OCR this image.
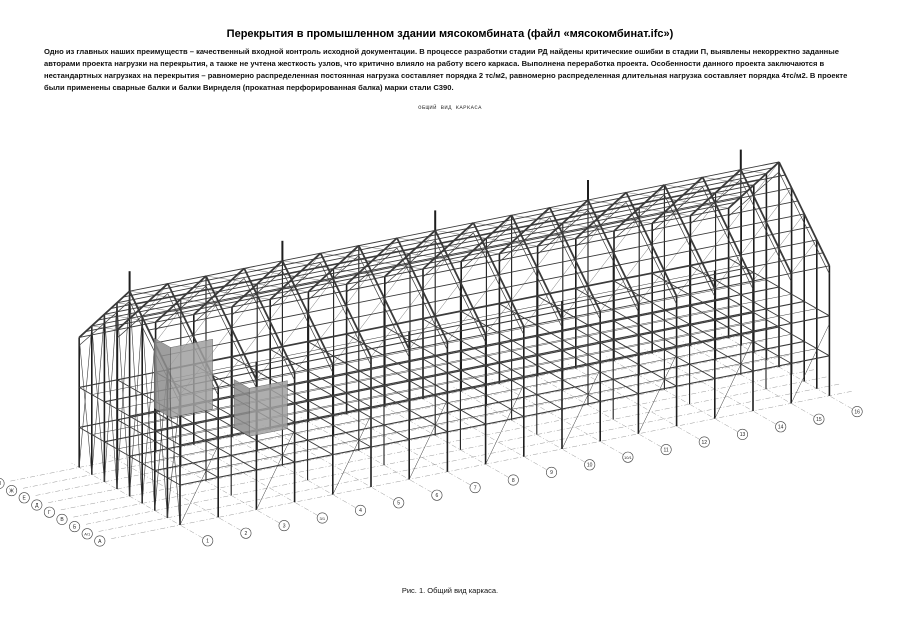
Перекрытия в промышленном здании мясокомбината (файл «мясокомбинат.ifc»)
Одно из главных наших преимуществ – качественный входной контроль исходной документации. В процессе разработки стадии РД найдены критические ошибки в стадии П, выявлены некорректно заданные авторами проекта нагрузки на перекрытия, а также не учтена жесткость узлов, что критично влияло на работу всего каркаса. Выполнена переработка проекта. Особенности данного проекта заключаются в нестандартных нагрузках на перекрытия – равномерно распределенная постоянная нагрузка составляет порядка 2 тс/м2, равномерно распределенная длительная нагрузка составляет порядка 4тс/м2. В проекте были применены сварные балки и балки Вирнделя (прокатная перфорированная балка) марки стали С390.
ОБЩИЙ ВИД КАРКАСА
А
А/1
Б
В
Г
Д
Е
Ж
1
2
3
3/1
4
5
6
7
8
9
10
10/1
11
12
13
14
15
16
Рис. 1. Общий вид каркаса.
